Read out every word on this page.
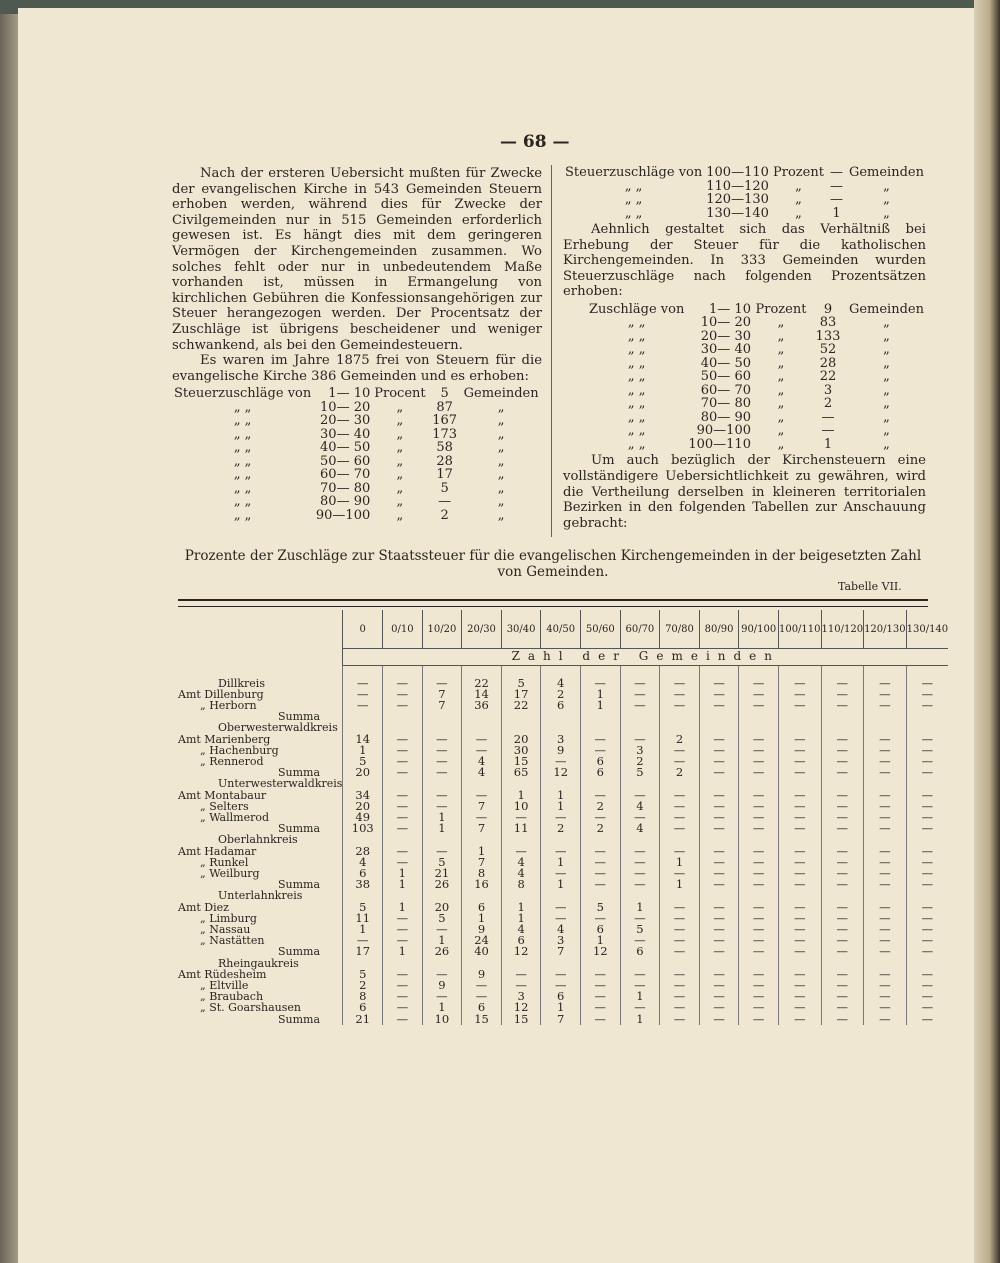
— 68 —

Nach der ersteren Uebersicht mußten für Zwecke der evangelischen Kirche in 543 Gemeinden Steuern erhoben werden, während dies für Zwecke der Civilgemeinden nur in 515 Gemeinden erforderlich gewesen ist. Es hängt dies mit dem geringeren Vermögen der Kirchengemeinden zusammen. Wo solches fehlt oder nur in unbedeutendem Maße vorhanden ist, müssen in Ermangelung von kirchlichen Gebühren die Konfessionsangehörigen zur Steuer herangezogen werden. Der Procentsatz der Zuschläge ist übrigens bescheidener und weniger schwankend, als bei den Gemeindesteuern.

Es waren im Jahre 1875 frei von Steuern für die evangelische Kirche 386 Gemeinden und es erhoben:

Steuerzuschläge von	1— 10	Procent	5	Gemeinden
„ „	10— 20	„	87	„
„ „	20— 30	„	167	„
„ „	30— 40	„	173	„
„ „	40— 50	„	58	„
„ „	50— 60	„	28	„
„ „	60— 70	„	17	„
„ „	70— 80	„	5	„
„ „	80— 90	„	—	„
„ „	90—100	„	2	„
Steuerzuschläge von	100—110	Prozent	—	Gemeinden
„ „	110—120	„	—	„
„ „	120—130	„	—	„
„ „	130—140	„	1	„

Aehnlich gestaltet sich das Verhältniß bei Erhebung der Steuer für die katholischen Kirchengemeinden. In 333 Gemeinden wurden Steuerzuschläge nach folgenden Prozentsätzen erhoben:

Zuschläge von	1— 10	Prozent	9	Gemeinden
„ „	10— 20	„	83	„
„ „	20— 30	„	133	„
„ „	30— 40	„	52	„
„ „	40— 50	„	28	„
„ „	50— 60	„	22	„
„ „	60— 70	„	3	„
„ „	70— 80	„	2	„
„ „	80— 90	„	—	„
„ „	90—100	„	—	„
„ „	100—110	„	1	„

Um auch bezüglich der Kirchensteuern eine vollständigere Uebersichtlichkeit zu gewähren, wird die Vertheilung derselben in kleineren territorialen Bezirken in den folgenden Tabellen zur Anschauung gebracht:

Prozente der Zuschläge zur Staatssteuer für die evangelischen Kirchengemeinden in der beigesetzten Zahl von Gemeinden.
Tabelle VII.
	0	0/10	10/20	20/30	30/40	40/50	50/60	60/70	70/80	80/90	90/100	100/110	110/120	120/130	130/140
	Zahl der Gemeinden														

Dillkreis	—	—	—	22	5	4	—	—	—	—	—	—	—	—	—
Amt Dillenburg	—	—	7	14	17	2	1	—	—	—	—	—	—	—	—
„ Herborn	—	—	7	36	22	6	1	—	—	—	—	—	—	—	—
Summa															
Oberwesterwaldkreis															
Amt Marienberg	14	—	—	—	20	3	—	—	2	—	—	—	—	—	—
„ Hachenburg	1	—	—	—	30	9	—	3	—	—	—	—	—	—	—
„ Rennerod	5	—	—	4	15	—	6	2	—	—	—	—	—	—	—
Summa	20	—	—	4	65	12	6	5	2	—	—	—	—	—	—
Unterwesterwaldkreis															
Amt Montabaur	34	—	—	—	1	1	—	—	—	—	—	—	—	—	—
„ Selters	20	—	—	7	10	1	2	4	—	—	—	—	—	—	—
„ Wallmerod	49	—	1	—	—	—	—	—	—	—	—	—	—	—	—
Summa	103	—	1	7	11	2	2	4	—	—	—	—	—	—	—
Oberlahnkreis															
Amt Hadamar	28	—	—	1	—	—	—	—	—	—	—	—	—	—	—
„ Runkel	4	—	5	7	4	1	—	—	1	—	—	—	—	—	—
„ Weilburg	6	1	21	8	4	—	—	—	—	—	—	—	—	—	—
Summa	38	1	26	16	8	1	—	—	1	—	—	—	—	—	—
Unterlahnkreis															
Amt Diez	5	1	20	6	1	—	5	1	—	—	—	—	—	—	—
„ Limburg	11	—	5	1	1	—	—	—	—	—	—	—	—	—	—
„ Nassau	1	—	—	9	4	4	6	5	—	—	—	—	—	—	—
„ Nastätten	—	—	1	24	6	3	1	—	—	—	—	—	—	—	—
Summa	17	1	26	40	12	7	12	6	—	—	—	—	—	—	—
Rheingaukreis															
Amt Rüdesheim	5	—	—	9	—	—	—	—	—	—	—	—	—	—	—
„ Eltville	2	—	9	—	—	—	—	—	—	—	—	—	—	—	—
„ Braubach	8	—	—	—	3	6	—	1	—	—	—	—	—	—	—
„ St. Goarshausen	6	—	1	6	12	1	—	—	—	—	—	—	—	—	—
Summa	21	—	10	15	15	7	—	1	—	—	—	—	—	—	—
